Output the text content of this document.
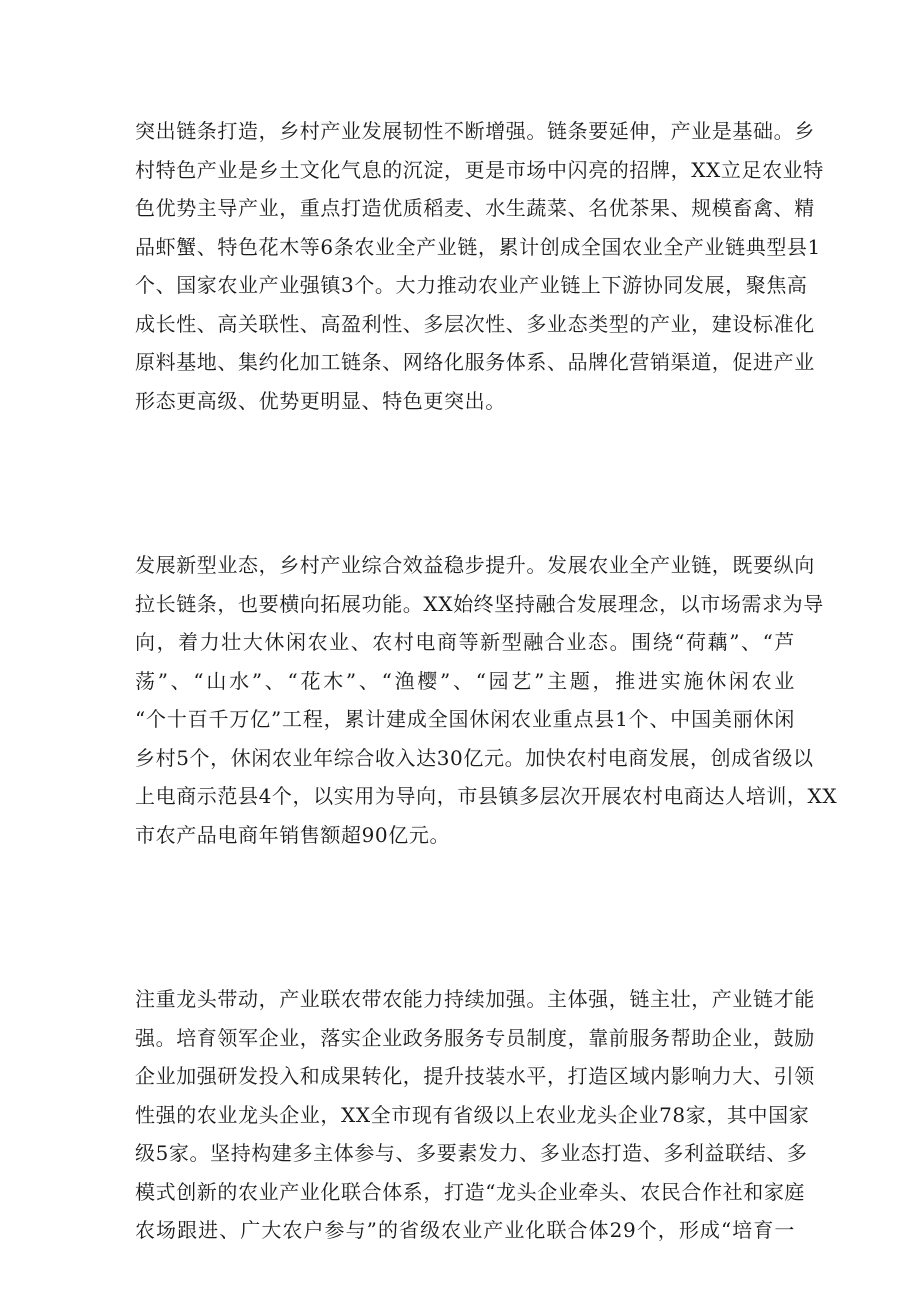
突出链条打造，乡村产业发展韧性不断增强。链条要延伸，产业是基础。乡
村特色产业是乡土文化气息的沉淀，更是市场中闪亮的招牌，XX立足农业特
色优势主导产业，重点打造优质稻麦、水生蔬菜、名优茶果、规模畜禽、精
品虾蟹、特色花木等6条农业全产业链，累计创成全国农业全产业链典型县1
个、国家农业产业强镇3个。大力推动农业产业链上下游协同发展，聚焦高
成长性、高关联性、高盈利性、多层次性、多业态类型的产业，建设标准化
原料基地、集约化加工链条、网络化服务体系、品牌化营销渠道，促进产业
形态更高级、优势更明显、特色更突出。

发展新型业态，乡村产业综合效益稳步提升。发展农业全产业链，既要纵向
拉长链条，也要横向拓展功能。XX始终坚持融合发展理念，以市场需求为导
向，着力壮大休闲农业、农村电商等新型融合业态。围绕“荷藕”、“芦
荡”、“山水”、“花木”、“渔樱”、“园艺”主题，推进实施休闲农业
“个十百千万亿”工程，累计建成全国休闲农业重点县1个、中国美丽休闲
乡村5个，休闲农业年综合收入达30亿元。加快农村电商发展，创成省级以
上电商示范县4个，以实用为导向，市县镇多层次开展农村电商达人培训，XX
市农产品电商年销售额超90亿元。

注重龙头带动，产业联农带农能力持续加强。主体强，链主壮，产业链才能
强。培育领军企业，落实企业政务服务专员制度，靠前服务帮助企业，鼓励
企业加强研发投入和成果转化，提升技装水平，打造区域内影响力大、引领
性强的农业龙头企业，XX全市现有省级以上农业龙头企业78家，其中国家
级5家。坚持构建多主体参与、多要素发力、多业态打造、多利益联结、多
模式创新的农业产业化联合体系，打造“龙头企业牵头、农民合作社和家庭
农场跟进、广大农户参与”的省级农业产业化联合体29个，形成“培育一
